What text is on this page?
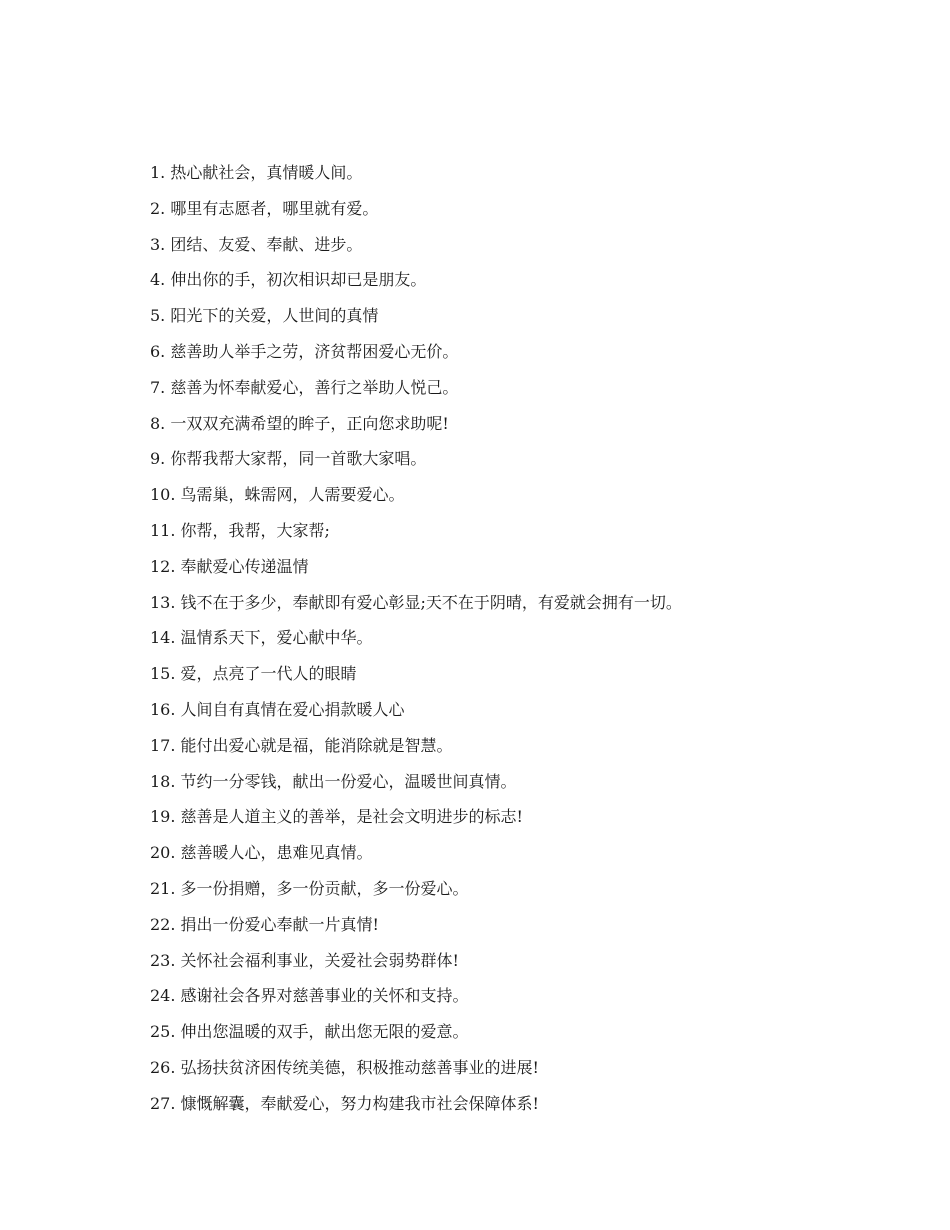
1. 热心献社会，真情暖人间。
2. 哪里有志愿者，哪里就有爱。
3. 团结、友爱、奉献、进步。
4. 伸出你的手，初次相识却已是朋友。
5. 阳光下的关爱，人世间的真情
6. 慈善助人举手之劳，济贫帮困爱心无价。
7. 慈善为怀奉献爱心，善行之举助人悦己。
8. 一双双充满希望的眸子，正向您求助呢!
9. 你帮我帮大家帮，同一首歌大家唱。
10. 鸟需巢，蛛需网，人需要爱心。
11. 你帮，我帮，大家帮;
12. 奉献爱心传递温情
13. 钱不在于多少，奉献即有爱心彰显;天不在于阴晴，有爱就会拥有一切。
14. 温情系天下，爱心献中华。
15. 爱，点亮了一代人的眼睛
16. 人间自有真情在爱心捐款暖人心
17. 能付出爱心就是福，能消除就是智慧。
18. 节约一分零钱，献出一份爱心，温暖世间真情。
19. 慈善是人道主义的善举，是社会文明进步的标志!
20. 慈善暖人心，患难见真情。
21. 多一份捐赠，多一份贡献，多一份爱心。
22. 捐出一份爱心奉献一片真情!
23. 关怀社会福利事业，关爱社会弱势群体!
24. 感谢社会各界对慈善事业的关怀和支持。
25. 伸出您温暖的双手，献出您无限的爱意。
26. 弘扬扶贫济困传统美德，积极推动慈善事业的进展!
27. 慷慨解囊，奉献爱心，努力构建我市社会保障体系!
